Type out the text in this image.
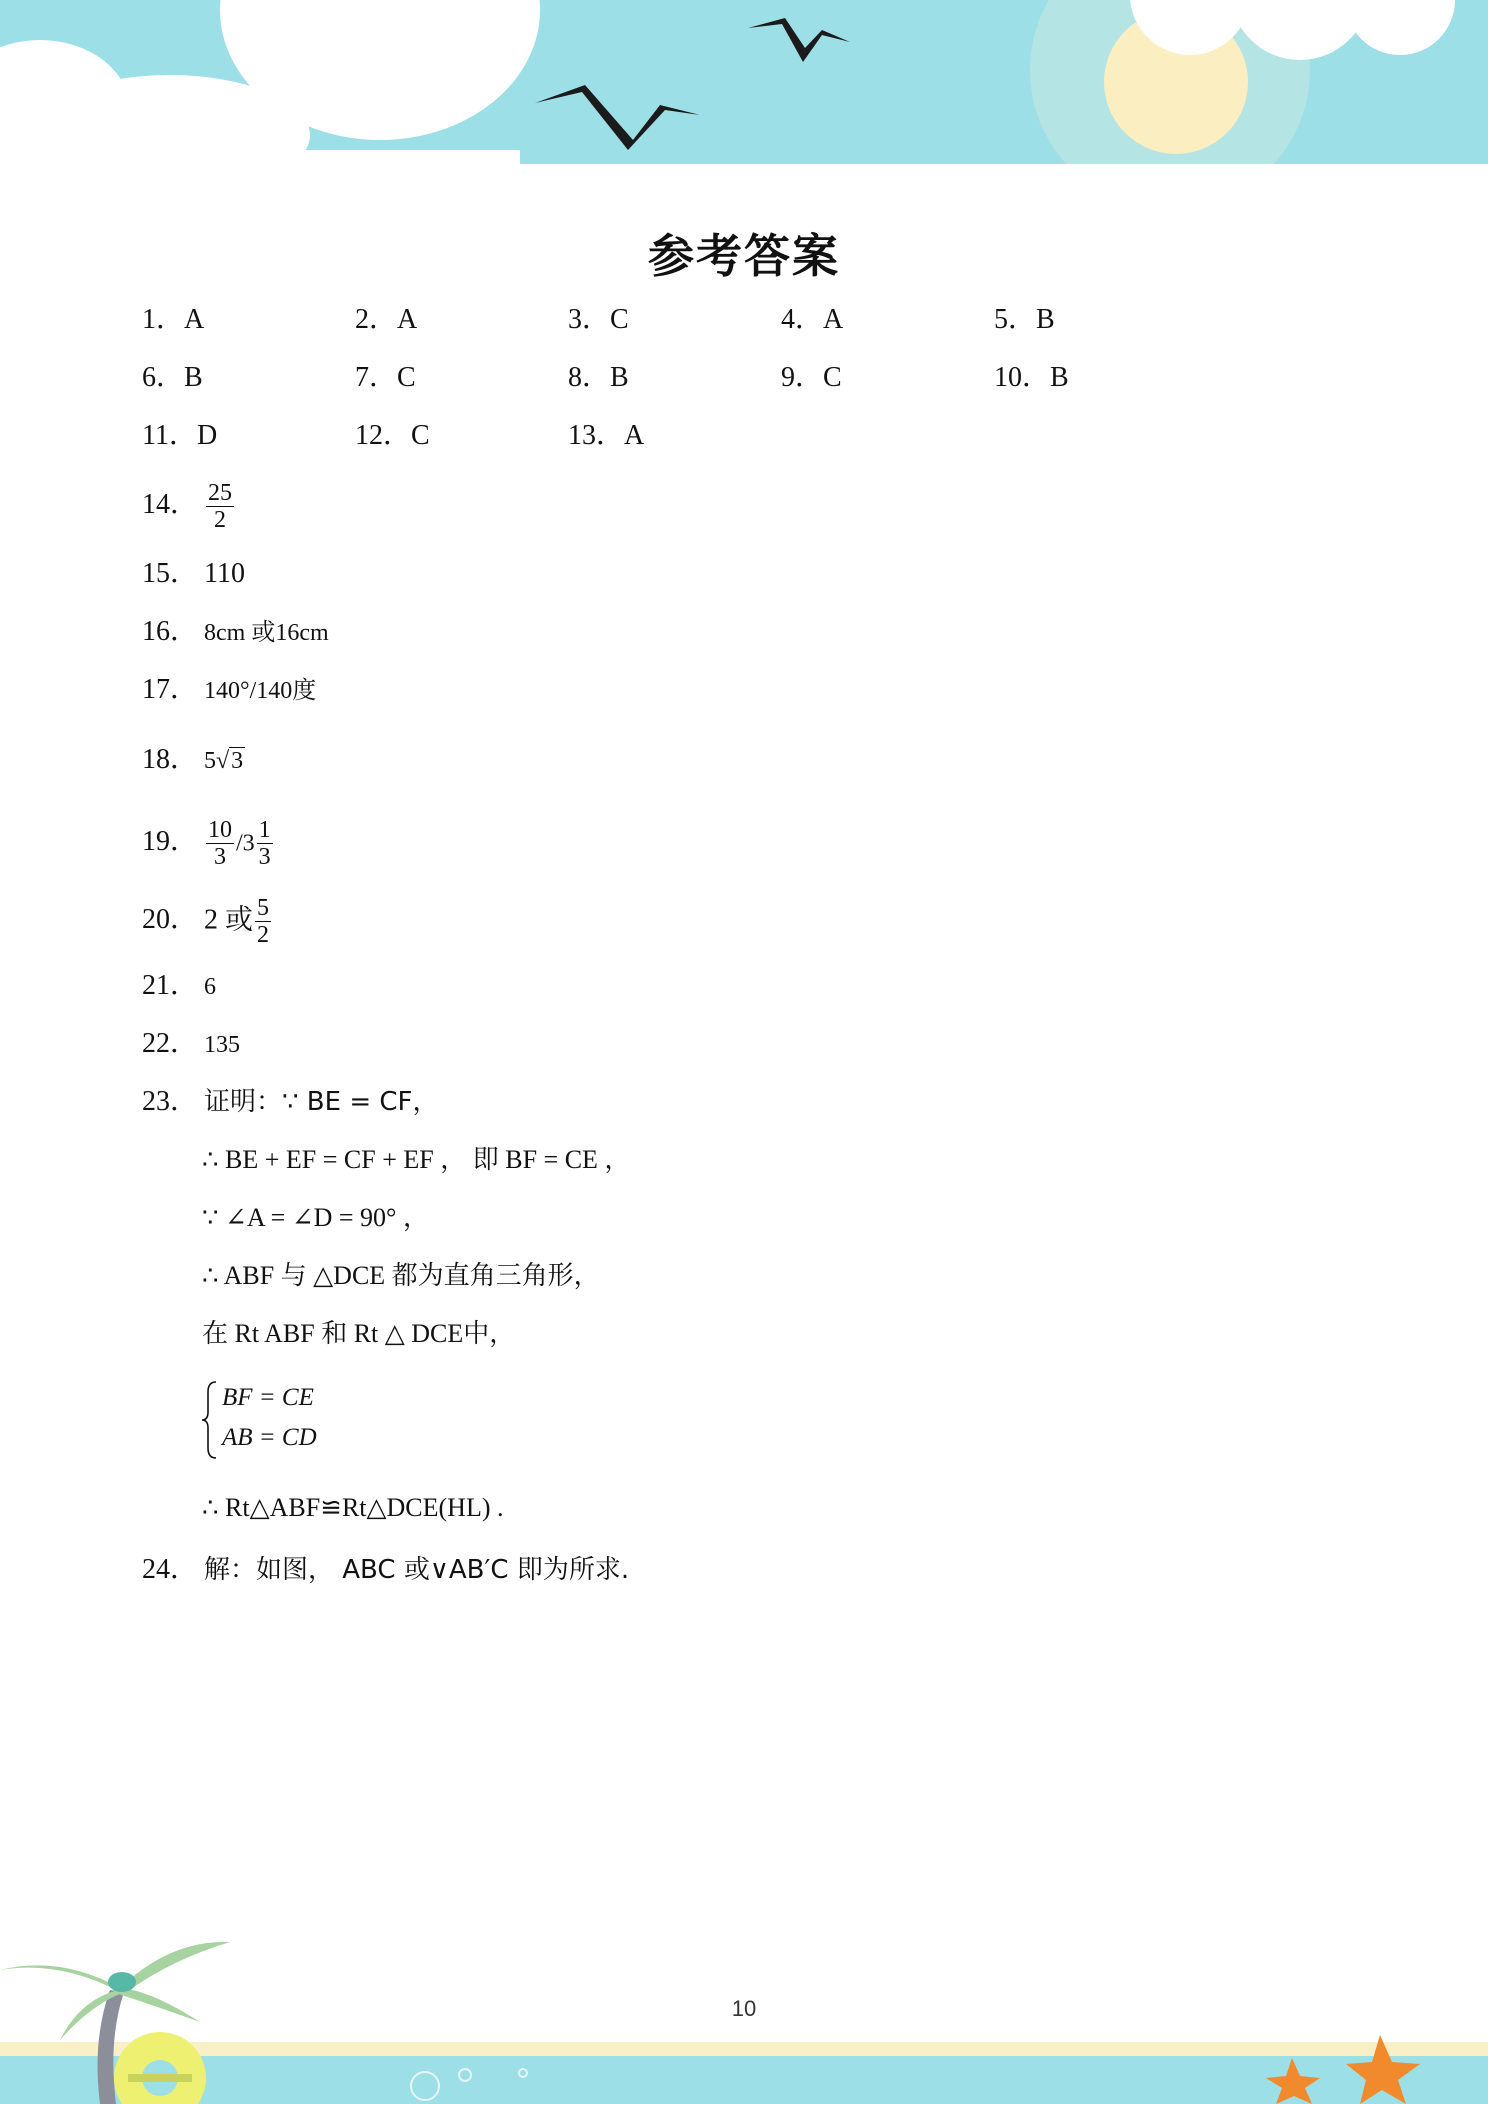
参考答案
1．A	2．A	3．C	4．A	5．B
6．B	7．C	8．B	9．C	10．B
11．D	12．C	13．A
14． $\frac{25}{2}$
15． 110
16． 8cm 或16cm
17． 140°/140度
18． 5√3
19． $\frac{10}{3} /3 \frac{1}{3}$
20． 2 或 $\frac{5}{2}$
21． 6
22． 135
23． 证明：∵ BE = CF，
∴ BE + EF = CF + EF ， 即 BF = CE ，
∵ ∠A = ∠D = 90° ，
∴ ABF 与 △DCE 都为直角三角形，
在 Rt ABF 和 Rt △ DCE中，
BF = CE
AB = CD
∴ Rt△ABF≌Rt△DCE(HL) .
24． 解：如图， ABC 或∨AB′C 即为所求.
10
